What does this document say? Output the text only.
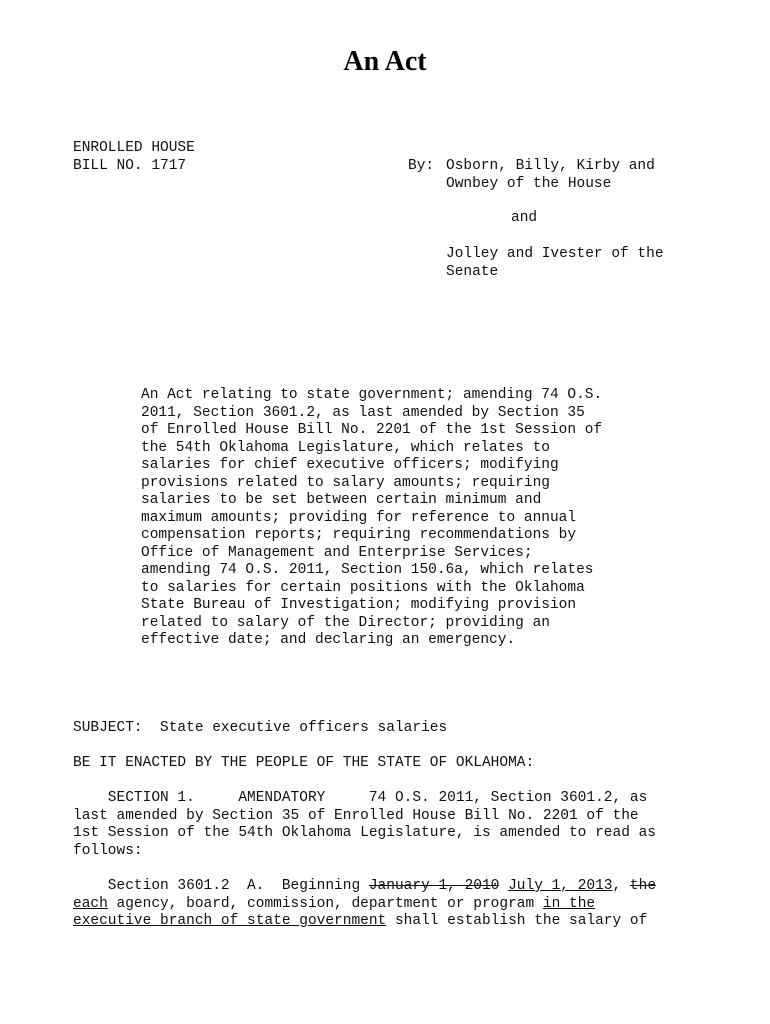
An Act
ENROLLED HOUSE
BILL NO. 1717	By: Osborn, Billy, Kirby and
Ownbey of the House
and
Jolley and Ivester of the
Senate
An Act relating to state government; amending 74 O.S.
2011, Section 3601.2, as last amended by Section 35
of Enrolled House Bill No. 2201 of the 1st Session of
the 54th Oklahoma Legislature, which relates to
salaries for chief executive officers; modifying
provisions related to salary amounts; requiring
salaries to be set between certain minimum and
maximum amounts; providing for reference to annual
compensation reports; requiring recommendations by
Office of Management and Enterprise Services;
amending 74 O.S. 2011, Section 150.6a, which relates
to salaries for certain positions with the Oklahoma
State Bureau of Investigation; modifying provision
related to salary of the Director; providing an
effective date; and declaring an emergency.
SUBJECT:  State executive officers salaries
BE IT ENACTED BY THE PEOPLE OF THE STATE OF OKLAHOMA:
SECTION 1.     AMENDATORY     74 O.S. 2011, Section 3601.2, as
last amended by Section 35 of Enrolled House Bill No. 2201 of the
1st Session of the 54th Oklahoma Legislature, is amended to read as
follows:
Section 3601.2  A.  Beginning January 1, 2010 July 1, 2013, the
each agency, board, commission, department or program in the
executive branch of state government shall establish the salary of
